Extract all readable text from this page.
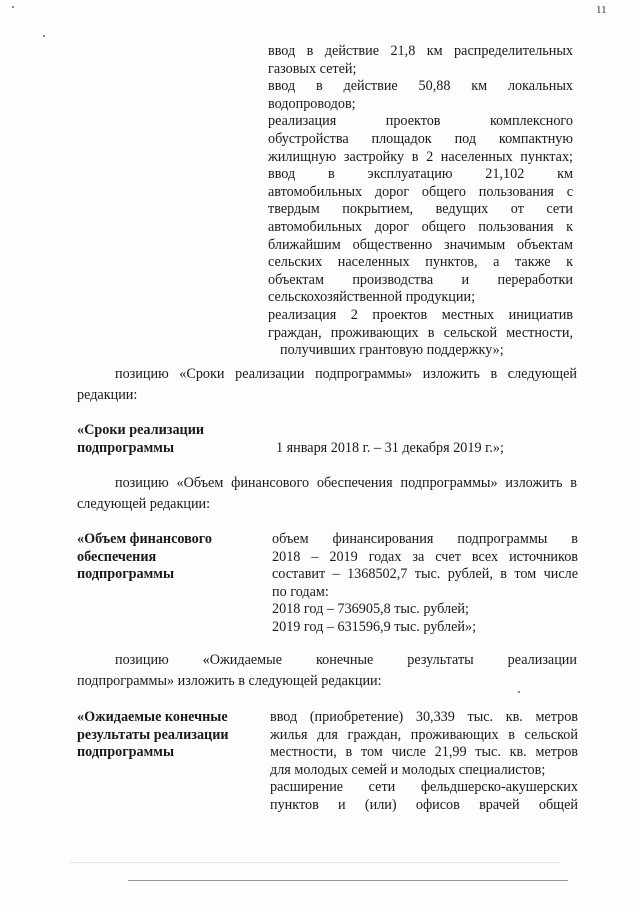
11
ввод в действие 21,8 км распределительных
газовых сетей;
ввод в действие 50,88 км локальных
водопроводов;
реализация проектов комплексного
обустройства площадок под компактную
жилищную застройку в 2 населенных пунктах;
ввод в эксплуатацию 21,102 км
автомобильных дорог общего пользования с
твердым покрытием, ведущих от сети
автомобильных дорог общего пользования к
ближайшим общественно значимым объектам
сельских населенных пунктов, а также к
объектам производства и переработки
сельскохозяйственной продукции;
реализация 2 проектов местных инициатив
граждан, проживающих в сельской местности,
получивших грантовую поддержку»;
позицию «Сроки реализации подпрограммы» изложить в следующей
редакции:
«Сроки реализации
подпрограммы	1 января 2018 г. – 31 декабря 2019 г.»;
позицию «Объем финансового обеспечения подпрограммы» изложить в
следующей редакции:
«Объем финансового
обеспечения
подпрограммы
объем финансирования подпрограммы в
2018 – 2019 годах за счет всех источников
составит – 1368502,7 тыс. рублей, в том числе
по годам:
2018 год – 736905,8 тыс. рублей;
2019 год – 631596,9 тыс. рублей»;
позицию «Ожидаемые конечные результаты реализации
подпрограммы» изложить в следующей редакции:
«Ожидаемые конечные
результаты реализации
подпрограммы
ввод (приобретение) 30,339 тыс. кв. метров
жилья для граждан, проживающих в сельской
местности, в том числе 21,99 тыс. кв. метров
для молодых семей и молодых специалистов;
расширение сети фельдшерско-акушерских
пунктов и (или) офисов врачей общей
